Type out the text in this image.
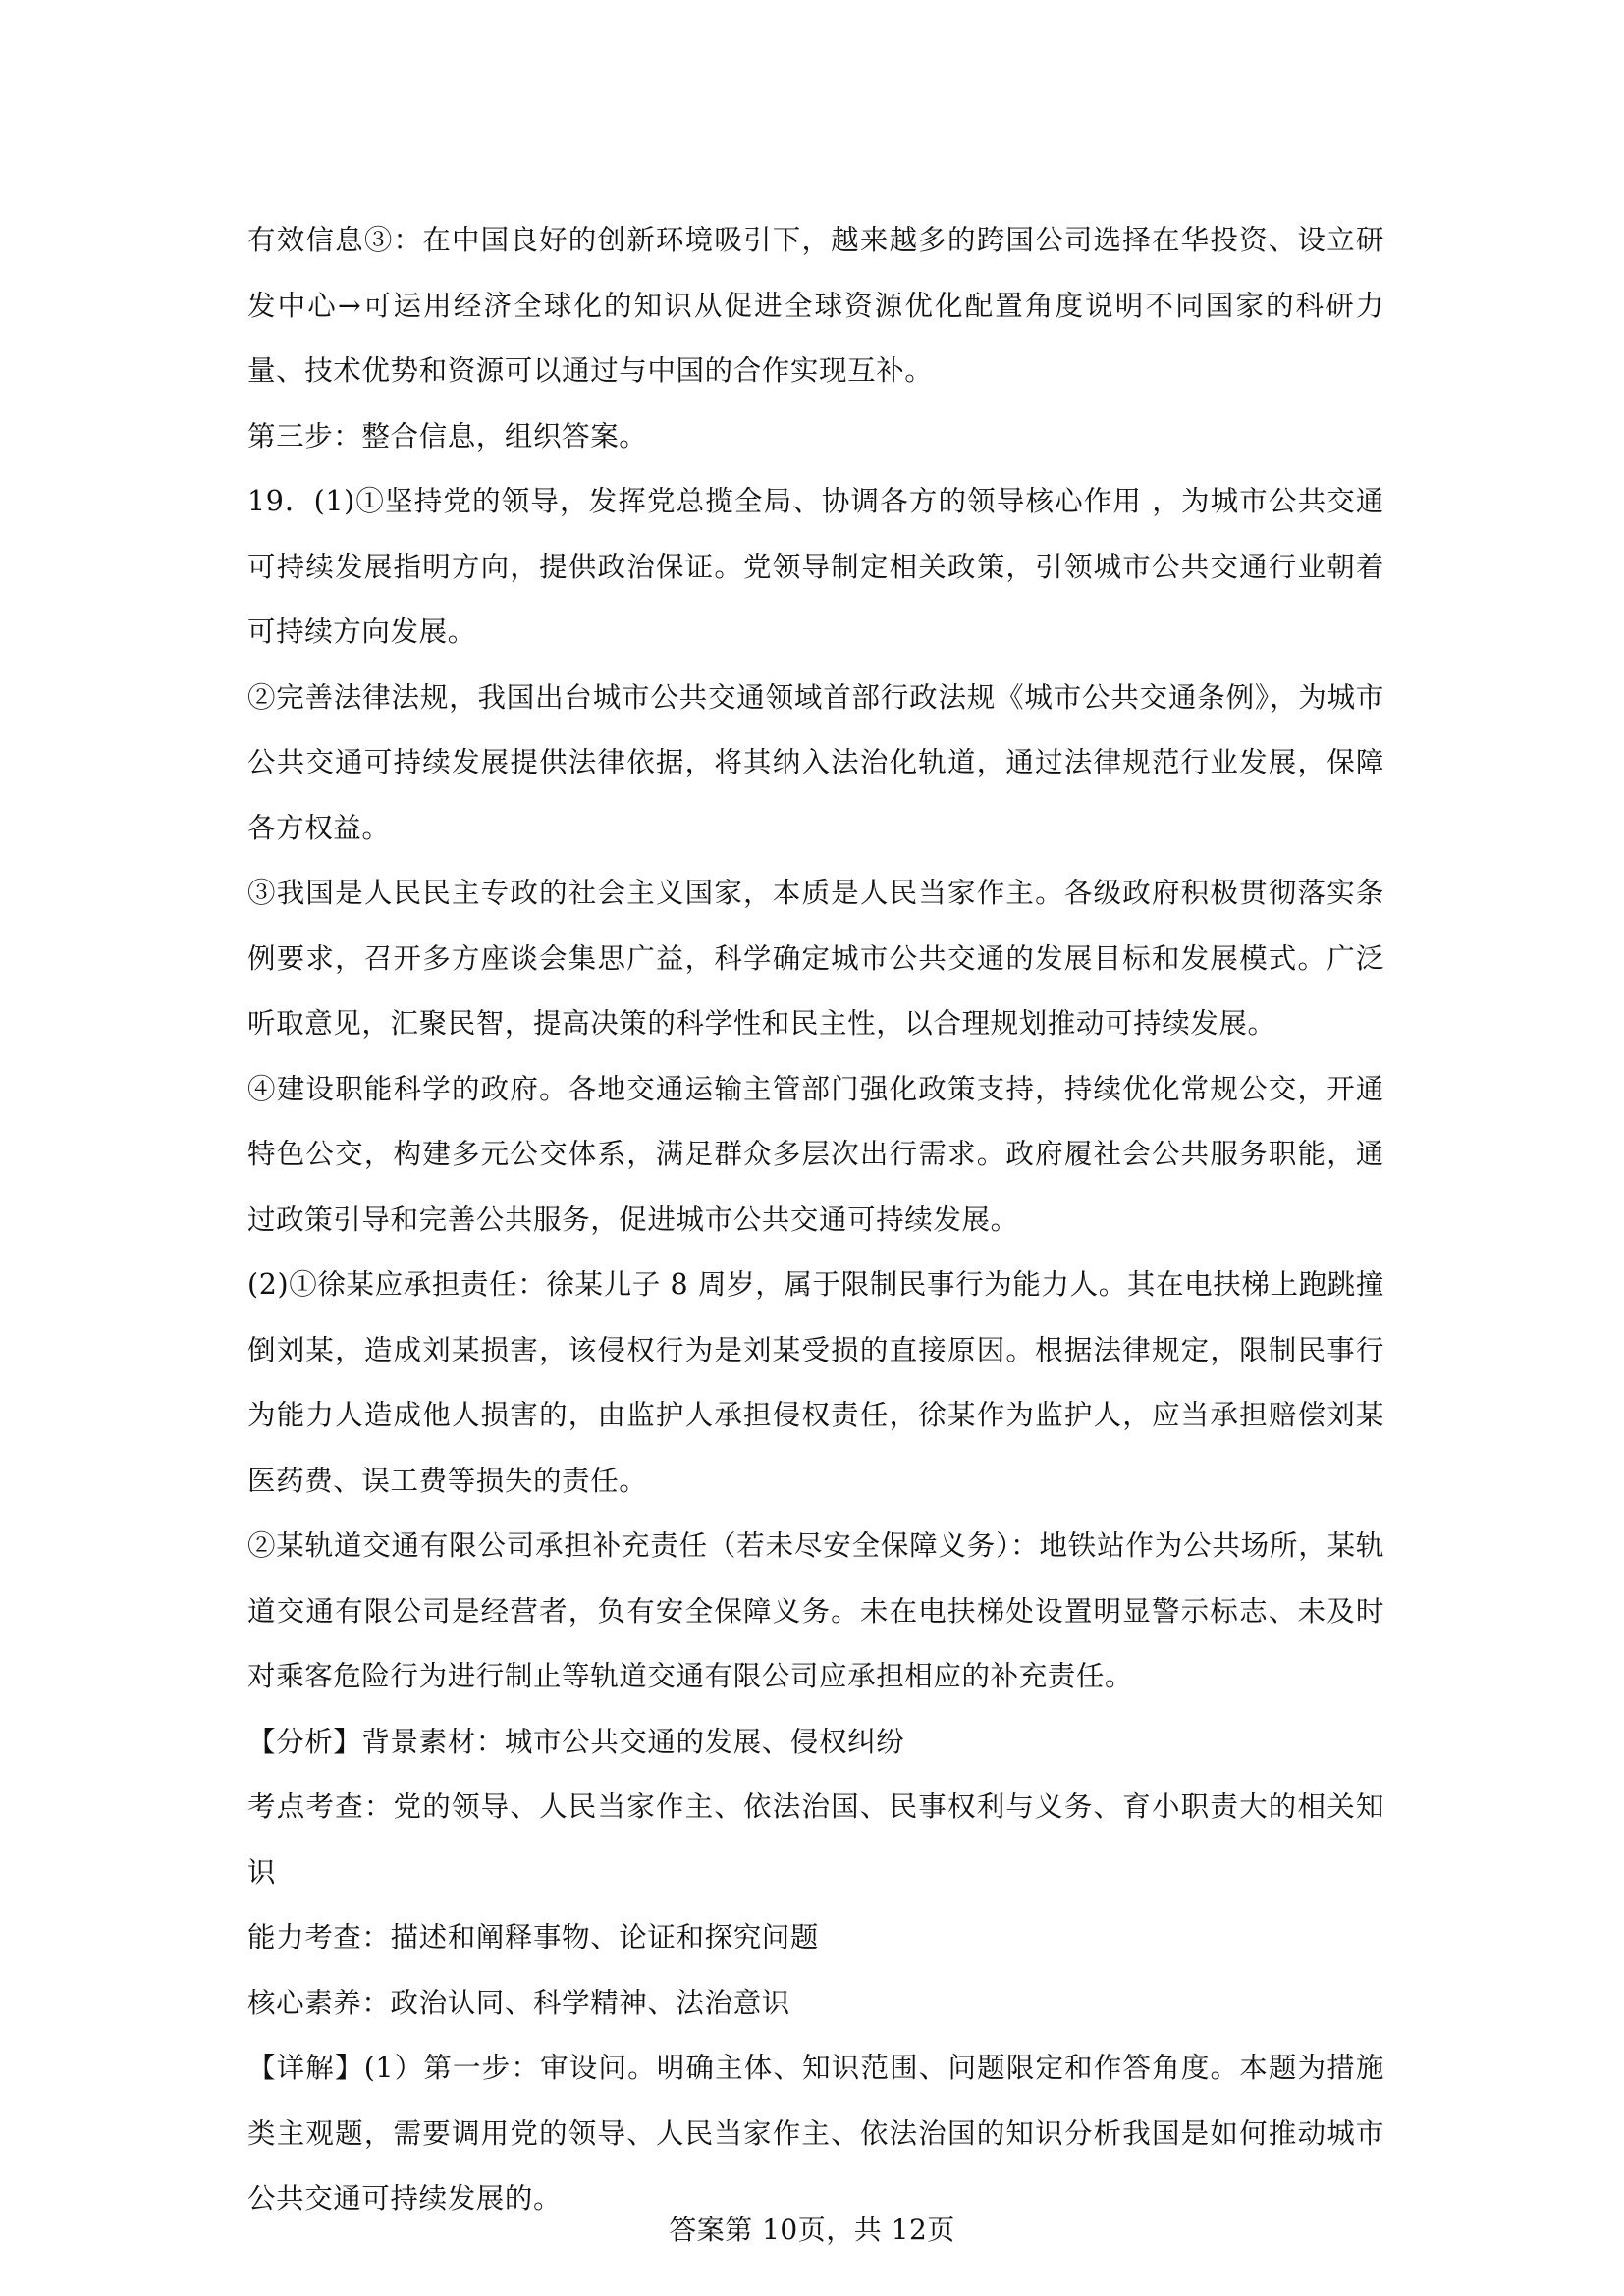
有效信息③：在中国良好的创新环境吸引下，越来越多的跨国公司选择在华投资、设立研发中心→可运用经济全球化的知识从促进全球资源优化配置角度说明不同国家的科研力量、技术优势和资源可以通过与中国的合作实现互补。

第三步：整合信息，组织答案。

19．(1)①坚持党的领导，发挥党总揽全局、协调各方的领导核心作用 ，为城市公共交通可持续发展指明方向，提供政治保证。党领导制定相关政策，引领城市公共交通行业朝着可持续方向发展。

②完善法律法规，我国出台城市公共交通领域首部行政法规《城市公共交通条例》，为城市公共交通可持续发展提供法律依据，将其纳入法治化轨道，通过法律规范行业发展，保障各方权益。

③我国是人民民主专政的社会主义国家，本质是人民当家作主。各级政府积极贯彻落实条例要求，召开多方座谈会集思广益，科学确定城市公共交通的发展目标和发展模式。广泛听取意见，汇聚民智，提高决策的科学性和民主性，以合理规划推动可持续发展。

④建设职能科学的政府。各地交通运输主管部门强化政策支持，持续优化常规公交，开通特色公交，构建多元公交体系，满足群众多层次出行需求。政府履社会公共服务职能，通过政策引导和完善公共服务，促进城市公共交通可持续发展。

(2)①徐某应承担责任：徐某儿子 8 周岁，属于限制民事行为能力人。其在电扶梯上跑跳撞倒刘某，造成刘某损害，该侵权行为是刘某受损的直接原因。根据法律规定，限制民事行为能力人造成他人损害的，由监护人承担侵权责任，徐某作为监护人，应当承担赔偿刘某医药费、误工费等损失的责任。

②某轨道交通有限公司承担补充责任（若未尽安全保障义务）：地铁站作为公共场所，某轨道交通有限公司是经营者，负有安全保障义务。未在电扶梯处设置明显警示标志、未及时对乘客危险行为进行制止等轨道交通有限公司应承担相应的补充责任。

【分析】背景素材：城市公共交通的发展、侵权纠纷

考点考查：党的领导、人民当家作主、依法治国、民事权利与义务、育小职责大的相关知识

能力考查：描述和阐释事物、论证和探究问题

核心素养：政治认同、科学精神、法治意识

【详解】(1）第一步：审设问。明确主体、知识范围、问题限定和作答角度。本题为措施类主观题，需要调用党的领导、人民当家作主、依法治国的知识分析我国是如何推动城市公共交通可持续发展的。

答案第 10页，共 12页
